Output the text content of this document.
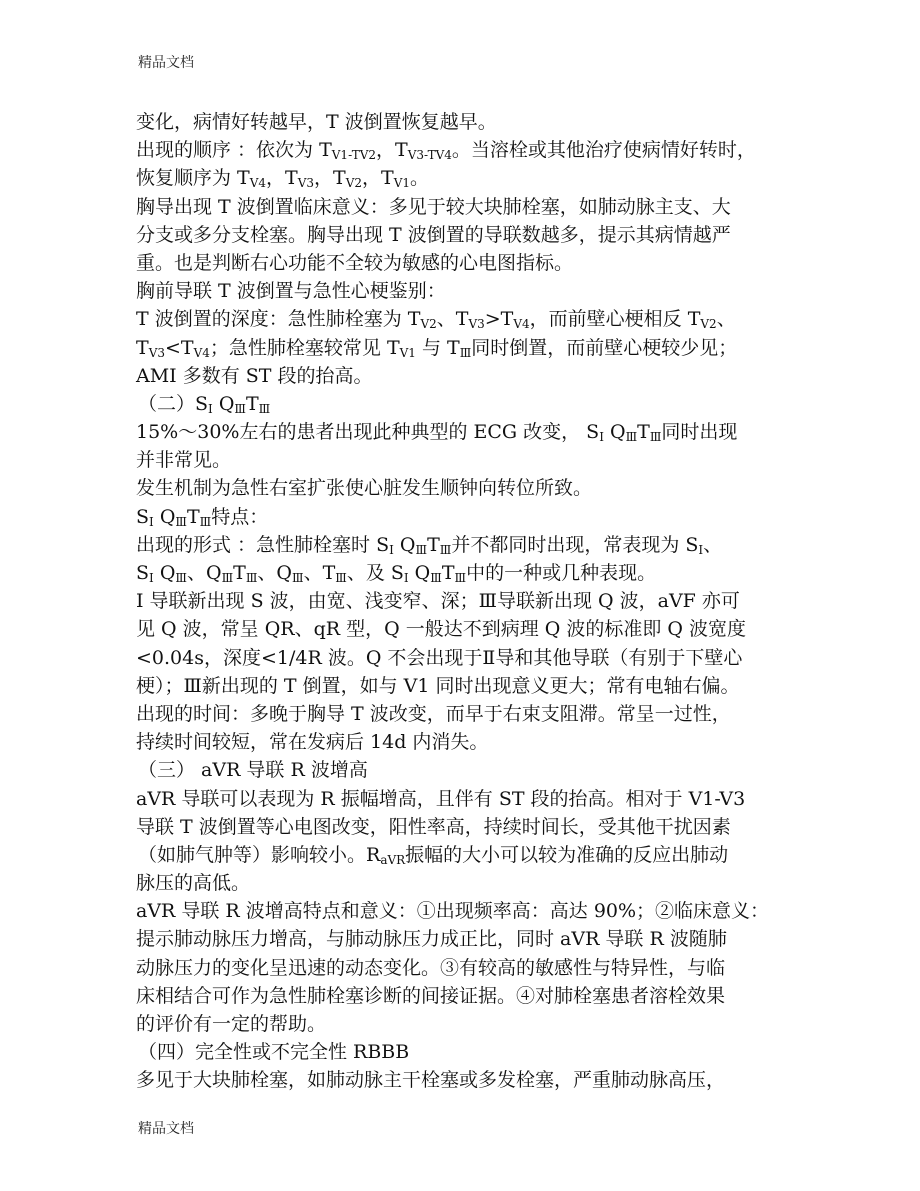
精品文档
变化，病情好转越早，T 波倒置恢复越早。
出现的顺序 ：依次为 $T_{V1-TV2}$，$T_{V3-TV4}$。当溶栓或其他治疗使病情好转时，
恢复顺序为 $T_{V4}$，$T_{V3}$，$T_{V2}$，$T_{V1}$。
胸导出现 T 波倒置临床意义：多见于较大块肺栓塞，如肺动脉主支、大
分支或多分支栓塞。胸导出现 T 波倒置的导联数越多，提示其病情越严
重。也是判断右心功能不全较为敏感的心电图指标。
胸前导联 T 波倒置与急性心梗鉴别：
T 波倒置的深度：急性肺栓塞为 $T_{V2}$、$T_{V3}>T_{V4}$，而前壁心梗相反 $T_{V2}$、
$T_{V3}<T_{V4}$；急性肺栓塞较常见 $T_{V1}$ 与 $T_Ⅲ$同时倒置，而前壁心梗较少见；
AMI 多数有 ST 段的抬高。
（二）$S_Ⅰ$ $Q_ⅢT_Ⅲ$
15%～30%左右的患者出现此种典型的 ECG 改变， $S_Ⅰ$ $Q_ⅢT_Ⅲ$同时出现
并非常见。
发生机制为急性右室扩张使心脏发生顺钟向转位所致。
$S_Ⅰ$ $Q_ⅢT_Ⅲ$特点：
出现的形式 ：急性肺栓塞时 $S_Ⅰ$ $Q_ⅢT_Ⅲ$并不都同时出现，常表现为 $S_Ⅰ$、
$S_Ⅰ$ $Q_Ⅲ$、$Q_ⅢT_Ⅲ$、$Q_Ⅲ$、$T_Ⅲ$、及 $S_Ⅰ$ $Q_ⅢT_Ⅲ$中的一种或几种表现。
I 导联新出现 S 波，由宽、浅变窄、深；Ⅲ导联新出现 Q 波，aVF 亦可
见 Q 波，常呈 QR、qR 型，Q 一般达不到病理 Q 波的标准即 Q 波宽度
<0.04s，深度<1/4R 波。Q 不会出现于Ⅱ导和其他导联（有别于下壁心
梗）；Ⅲ新出现的 T 倒置，如与 V1 同时出现意义更大；常有电轴右偏。
出现的时间：多晚于胸导 T 波改变，而早于右束支阻滞。常呈一过性，
持续时间较短，常在发病后 14d 内消失。
（三） aVR 导联 R 波增高
aVR 导联可以表现为 R 振幅增高，且伴有 ST 段的抬高。相对于 V1-V3
导联 T 波倒置等心电图改变，阳性率高，持续时间长，受其他干扰因素
（如肺气肿等）影响较小。$R_{aVR}$振幅的大小可以较为准确的反应出肺动
脉压的高低。
aVR 导联 R 波增高特点和意义：①出现频率高：高达 90%；②临床意义：
提示肺动脉压力增高，与肺动脉压力成正比，同时 aVR 导联 R 波随肺
动脉压力的变化呈迅速的动态变化。③有较高的敏感性与特异性，与临
床相结合可作为急性肺栓塞诊断的间接证据。④对肺栓塞患者溶栓效果
的评价有一定的帮助。
（四）完全性或不完全性 RBBB
多见于大块肺栓塞，如肺动脉主干栓塞或多发栓塞，严重肺动脉高压，
精品文档
